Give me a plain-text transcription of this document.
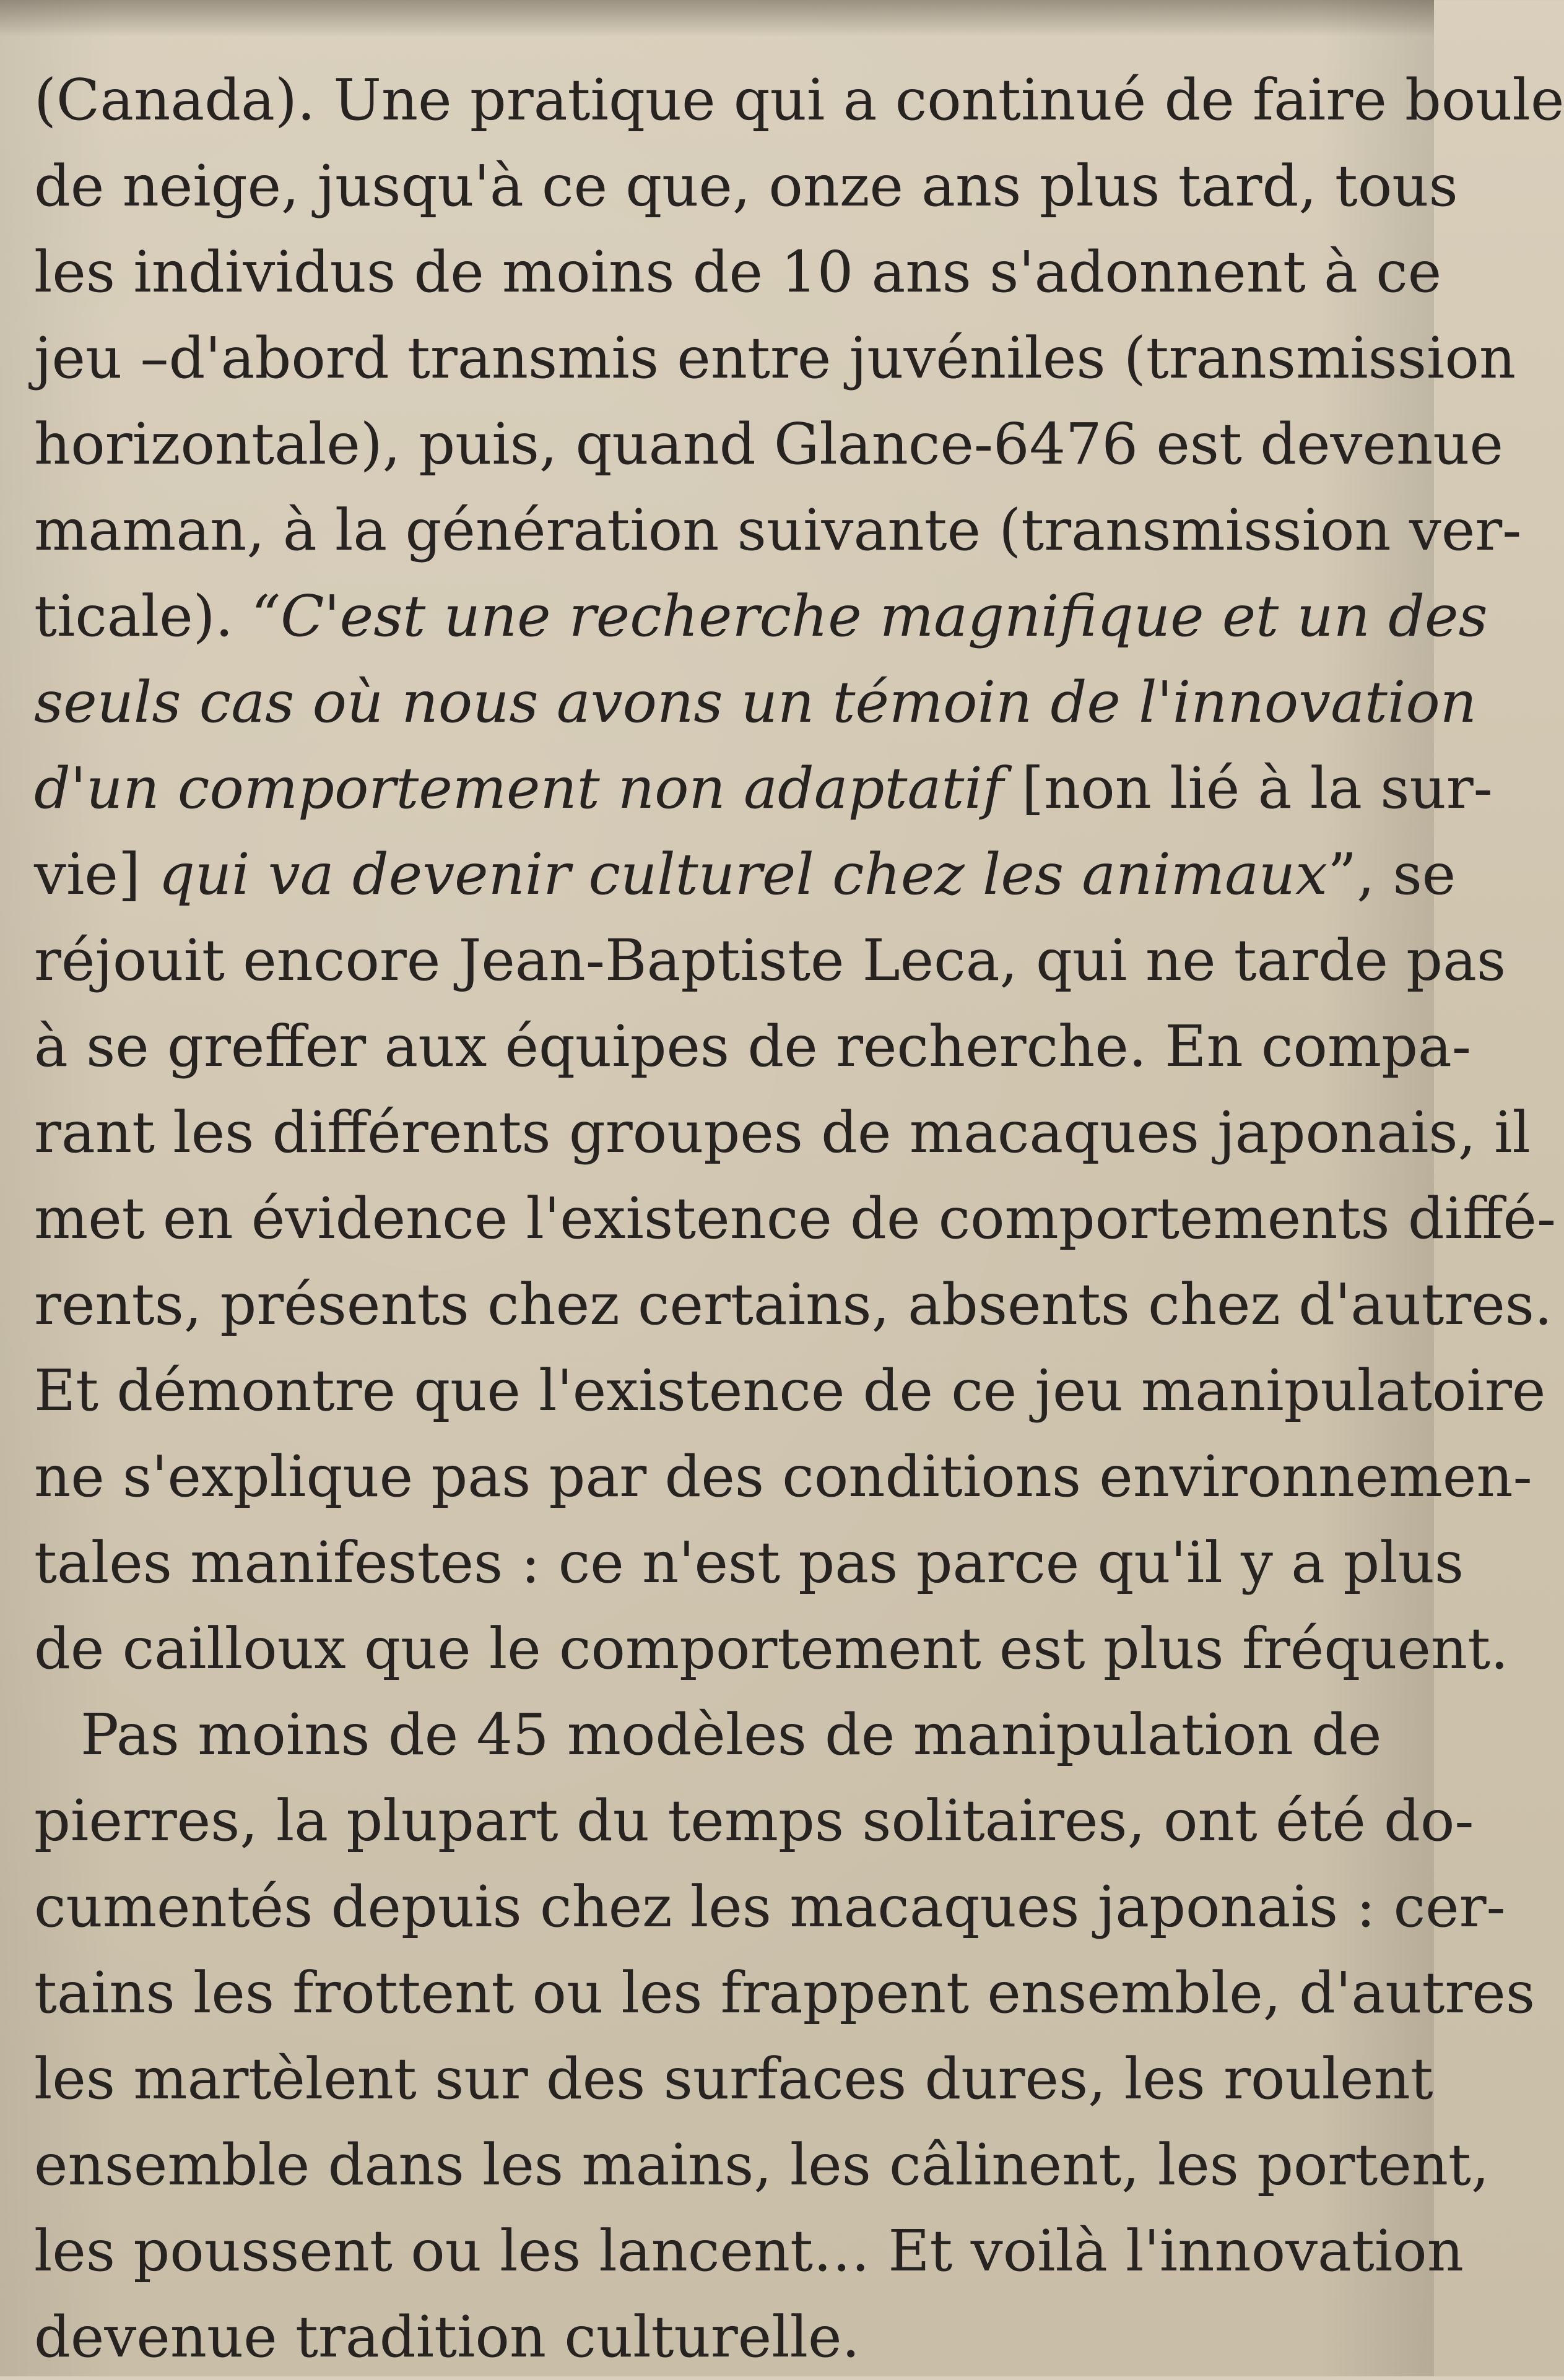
(Canada). Une pratique qui a continué de faire boule
de neige, jusqu'à ce que, onze ans plus tard, tous
les individus de moins de 10 ans s'adonnent à ce
jeu –d'abord transmis entre juvéniles (transmission
horizontale), puis, quand Glance-6476 est devenue
maman, à la génération suivante (transmission ver-
ticale). “C'est une recherche magnifique et un des
seuls cas où nous avons un témoin de l'innovation
d'un comportement non adaptatif [non lié à la sur-
vie] qui va devenir culturel chez les animaux”, se
réjouit encore Jean-Baptiste Leca, qui ne tarde pas
à se greffer aux équipes de recherche. En compa-
rant les différents groupes de macaques japonais, il
met en évidence l'existence de comportements diffé-
rents, présents chez certains, absents chez d'autres.
Et démontre que l'existence de ce jeu manipulatoire
ne s'explique pas par des conditions environnemen-
tales manifestes : ce n'est pas parce qu'il y a plus
de cailloux que le comportement est plus fréquent.
Pas moins de 45 modèles de manipulation de
pierres, la plupart du temps solitaires, ont été do-
cumentés depuis chez les macaques japonais : cer-
tains les frottent ou les frappent ensemble, d'autres
les martèlent sur des surfaces dures, les roulent
ensemble dans les mains, les câlinent, les portent,
les poussent ou les lancent… Et voilà l'innovation
devenue tradition culturelle.
